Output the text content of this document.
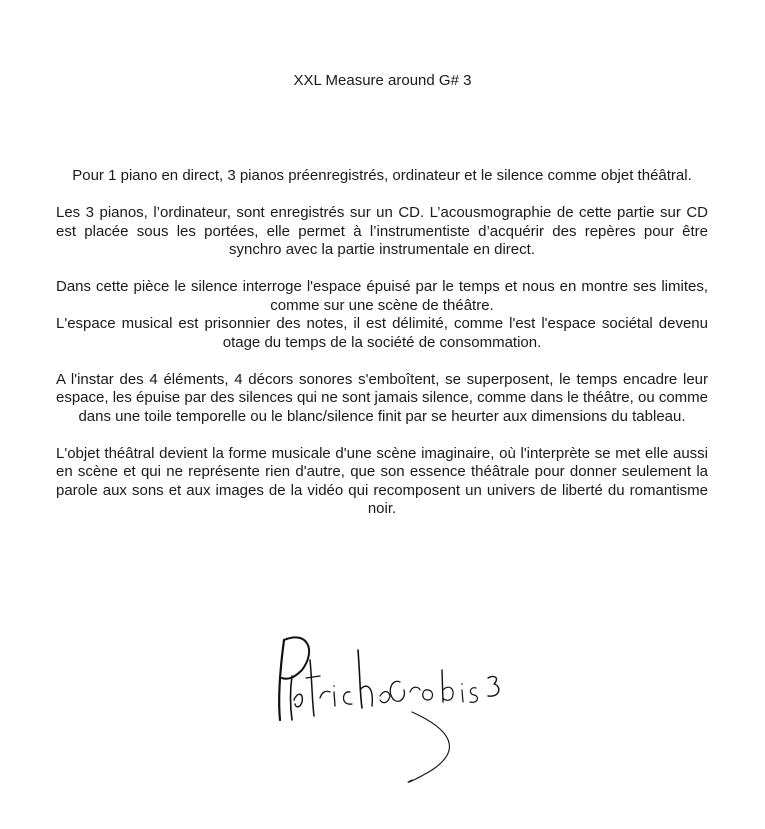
XXL Measure around G# 3

Pour 1 piano en direct, 3 pianos préenregistrés, ordinateur et le silence comme objet théâtral.

Les 3 pianos, l’ordinateur, sont enregistrés sur un CD. L’acousmographie de cette partie sur CD est placée sous les portées, elle permet à l’instrumentiste d’acquérir des repères pour être synchro avec la partie instrumentale en direct.

Dans cette pièce le silence interroge l'espace épuisé par le temps et nous en montre ses limites, comme sur une scène de théâtre.
L'espace musical est prisonnier des notes, il est délimité, comme l'est l'espace sociétal devenu otage du temps de la société de consommation.

A l'instar des 4 éléments, 4 décors sonores s'emboîtent, se superposent, le temps encadre leur espace, les épuise par des silences qui ne sont jamais silence, comme dans le théâtre, ou comme dans une toile temporelle ou le blanc/silence finit par se heurter aux dimensions du tableau.

L'objet théâtral devient la forme musicale d'une scène imaginaire, où l'interprète se met elle aussi en scène et qui ne représente rien d'autre, que son essence théâtrale pour donner seulement la parole aux sons et aux images de la vidéo qui recomposent un univers de liberté du romantisme noir.
